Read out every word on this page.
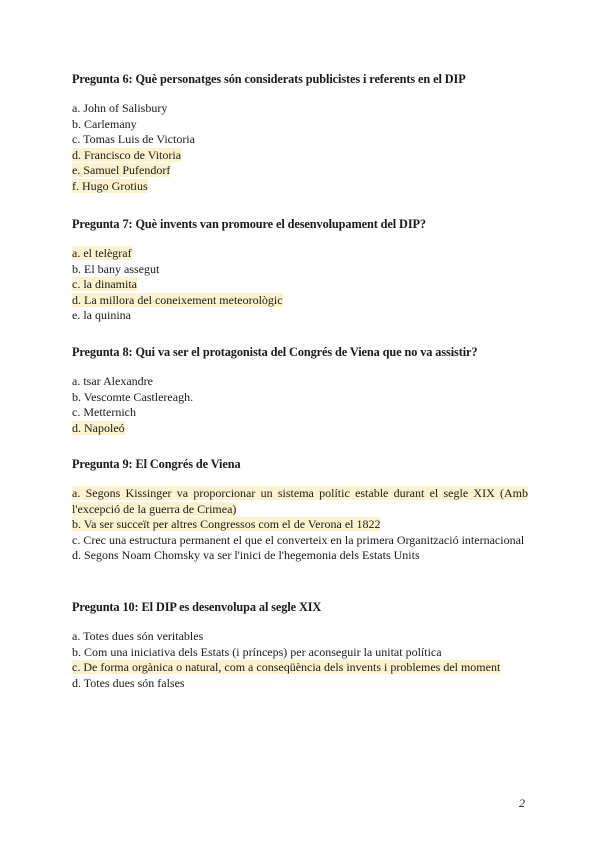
Pregunta 6: Què personatges són considerats publicistes i referents en el DIP

a. John of Salisbury

b. Carlemany

c. Tomas Luis de Victoria

d. Francisco de Vitoria

e. Samuel Pufendorf

f. Hugo Grotius

Pregunta 7: Què invents van promoure el desenvolupament del DIP?

a. el telègraf

b. El bany assegut

c. la dinamita

d. La millora del coneixement meteorològic

e. la quinina

Pregunta 8: Qui va ser el protagonista del Congrés de Viena que no va assistir?

a. tsar Alexandre

b. Vescomte Castlereagh.

c. Metternich

d. Napoleó

Pregunta 9: El Congrés de Viena

a. Segons Kissinger va proporcionar un sistema polític estable durant el segle XIX (Amb l'excepció de la guerra de Crimea)

b. Va ser succeït per altres Congressos com el de Verona el 1822

c. Crec una estructura permanent el que el converteix en la primera Organització internacional

d. Segons Noam Chomsky va ser l'inici de l'hegemonia dels Estats Units

Pregunta 10: El DIP es desenvolupa al segle XIX

a. Totes dues són veritables

b. Com una iniciativa dels Estats (i prínceps) per aconseguir la unitat política

c. De forma orgànica o natural, com a conseqüència dels invents i problemes del moment

d. Totes dues són falses

2
